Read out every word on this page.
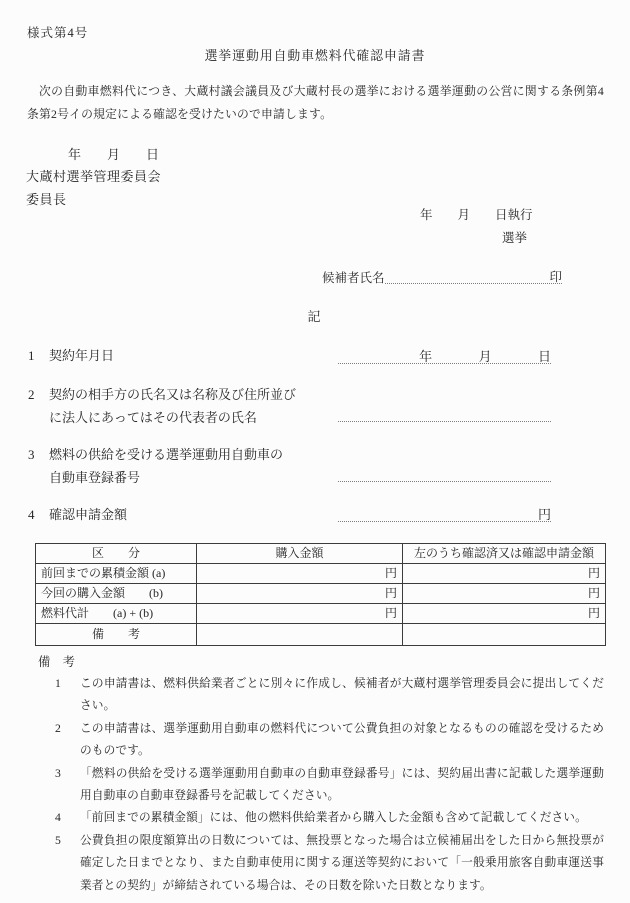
様式第4号
選挙運動用自動車燃料代確認申請書
次の自動車燃料代につき、大蔵村議会議員及び大蔵村長の選挙における選挙運動の公営に関する条例第4条第2号イの規定による確認を受けたいので申請します。
年　　月　　日
大蔵村選挙管理委員会
委員長
年　　月　　日執行
選挙
候補者氏名	印
記
1	契約年月日	年	月	日
2	契約の相手方の氏名又は名称及び住所並び
に法人にあってはその代表者の氏名
3	燃料の供給を受ける選挙運動用自動車の
自動車登録番号
4	確認申請金額	円
区　　分	購入金額	左のうち確認済又は確認申請金額
前回までの累積金額 (a)	円	円
今回の購入金額　　(b)	円	円
燃料代計　　(a) + (b)	円	円
備　　考		
備　考
1	この申請書は、燃料供給業者ごとに別々に作成し、候補者が大蔵村選挙管理委員会に提出してください。
2	この申請書は、選挙運動用自動車の燃料代について公費負担の対象となるものの確認を受けるためのものです。
3	「燃料の供給を受ける選挙運動用自動車の自動車登録番号」には、契約届出書に記載した選挙運動用自動車の自動車登録番号を記載してください。
4	「前回までの累積金額」には、他の燃料供給業者から購入した金額も含めて記載してください。
5	公費負担の限度額算出の日数については、無投票となった場合は立候補届出をした日から無投票が確定した日までとなり、また自動車使用に関する運送等契約において「一般乗用旅客自動車運送事業者との契約」が締結されている場合は、その日数を除いた日数となります。
